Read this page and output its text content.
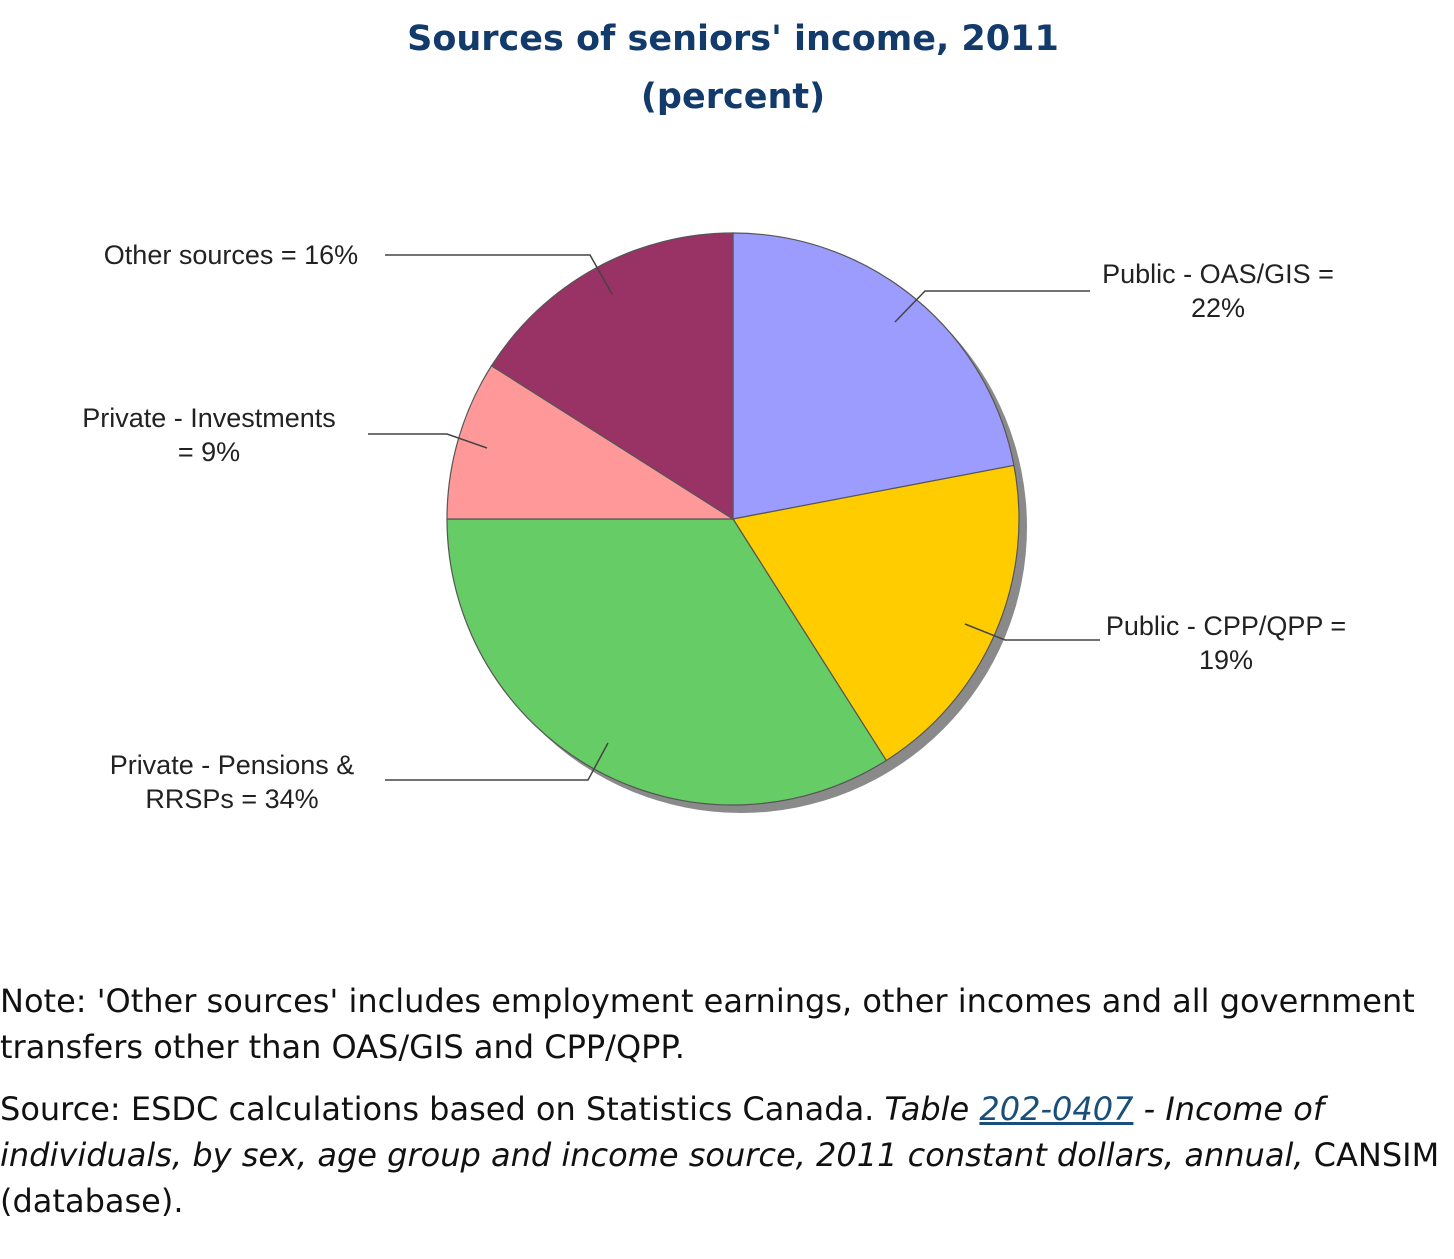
Sources of seniors' income, 2011
(percent)
Public - OAS/GIS =
22%
Public - CPP/QPP =
19%
Private - Pensions &
RRSPs = 34%
Private - Investments
= 9%
Other sources = 16%

Note: 'Other sources' includes employment earnings, other incomes and all government transfers other than OAS/GIS and CPP/QPP.

Source: ESDC calculations based on Statistics Canada. Table 202-0407 - Income of individuals, by sex, age group and income source, 2011 constant dollars, annual, CANSIM (database).
